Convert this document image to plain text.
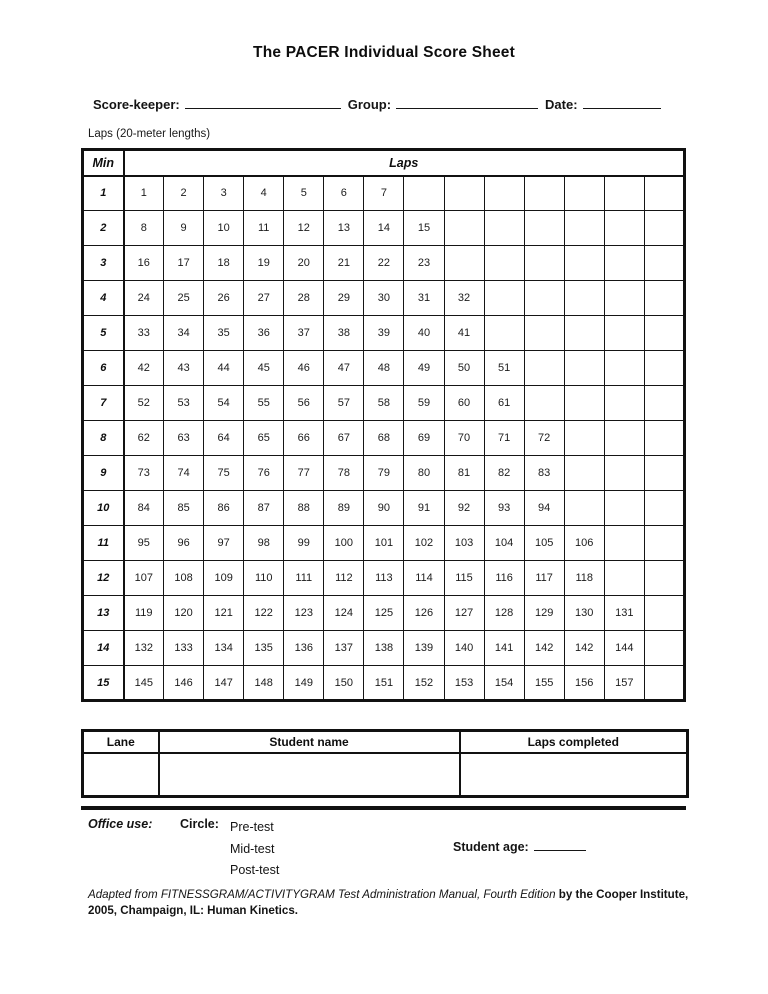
The PACER Individual Score Sheet
Score-keeper:	Group:	Date:
Laps (20-meter lengths)
Min	Laps													
1	1	2	3	4	5	6	7							
2	8	9	10	11	12	13	14	15						
3	16	17	18	19	20	21	22	23						
4	24	25	26	27	28	29	30	31	32					
5	33	34	35	36	37	38	39	40	41					
6	42	43	44	45	46	47	48	49	50	51				
7	52	53	54	55	56	57	58	59	60	61				
8	62	63	64	65	66	67	68	69	70	71	72			
9	73	74	75	76	77	78	79	80	81	82	83			
10	84	85	86	87	88	89	90	91	92	93	94			
11	95	96	97	98	99	100	101	102	103	104	105	106		
12	107	108	109	110	111	112	113	114	115	116	117	118		
13	119	120	121	122	123	124	125	126	127	128	129	130	131	
14	132	133	134	135	136	137	138	139	140	141	142	142	144	
15	145	146	147	148	149	150	151	152	153	154	155	156	157	
Lane	Student name	Laps completed

Office use: Circle: Pre-test
Mid-test
Post-test
Student age:

Adapted from FITNESSGRAM/ACTIVITYGRAM Test Administration Manual, Fourth Edition by the Cooper Institute, 2005, Champaign, IL: Human Kinetics.
